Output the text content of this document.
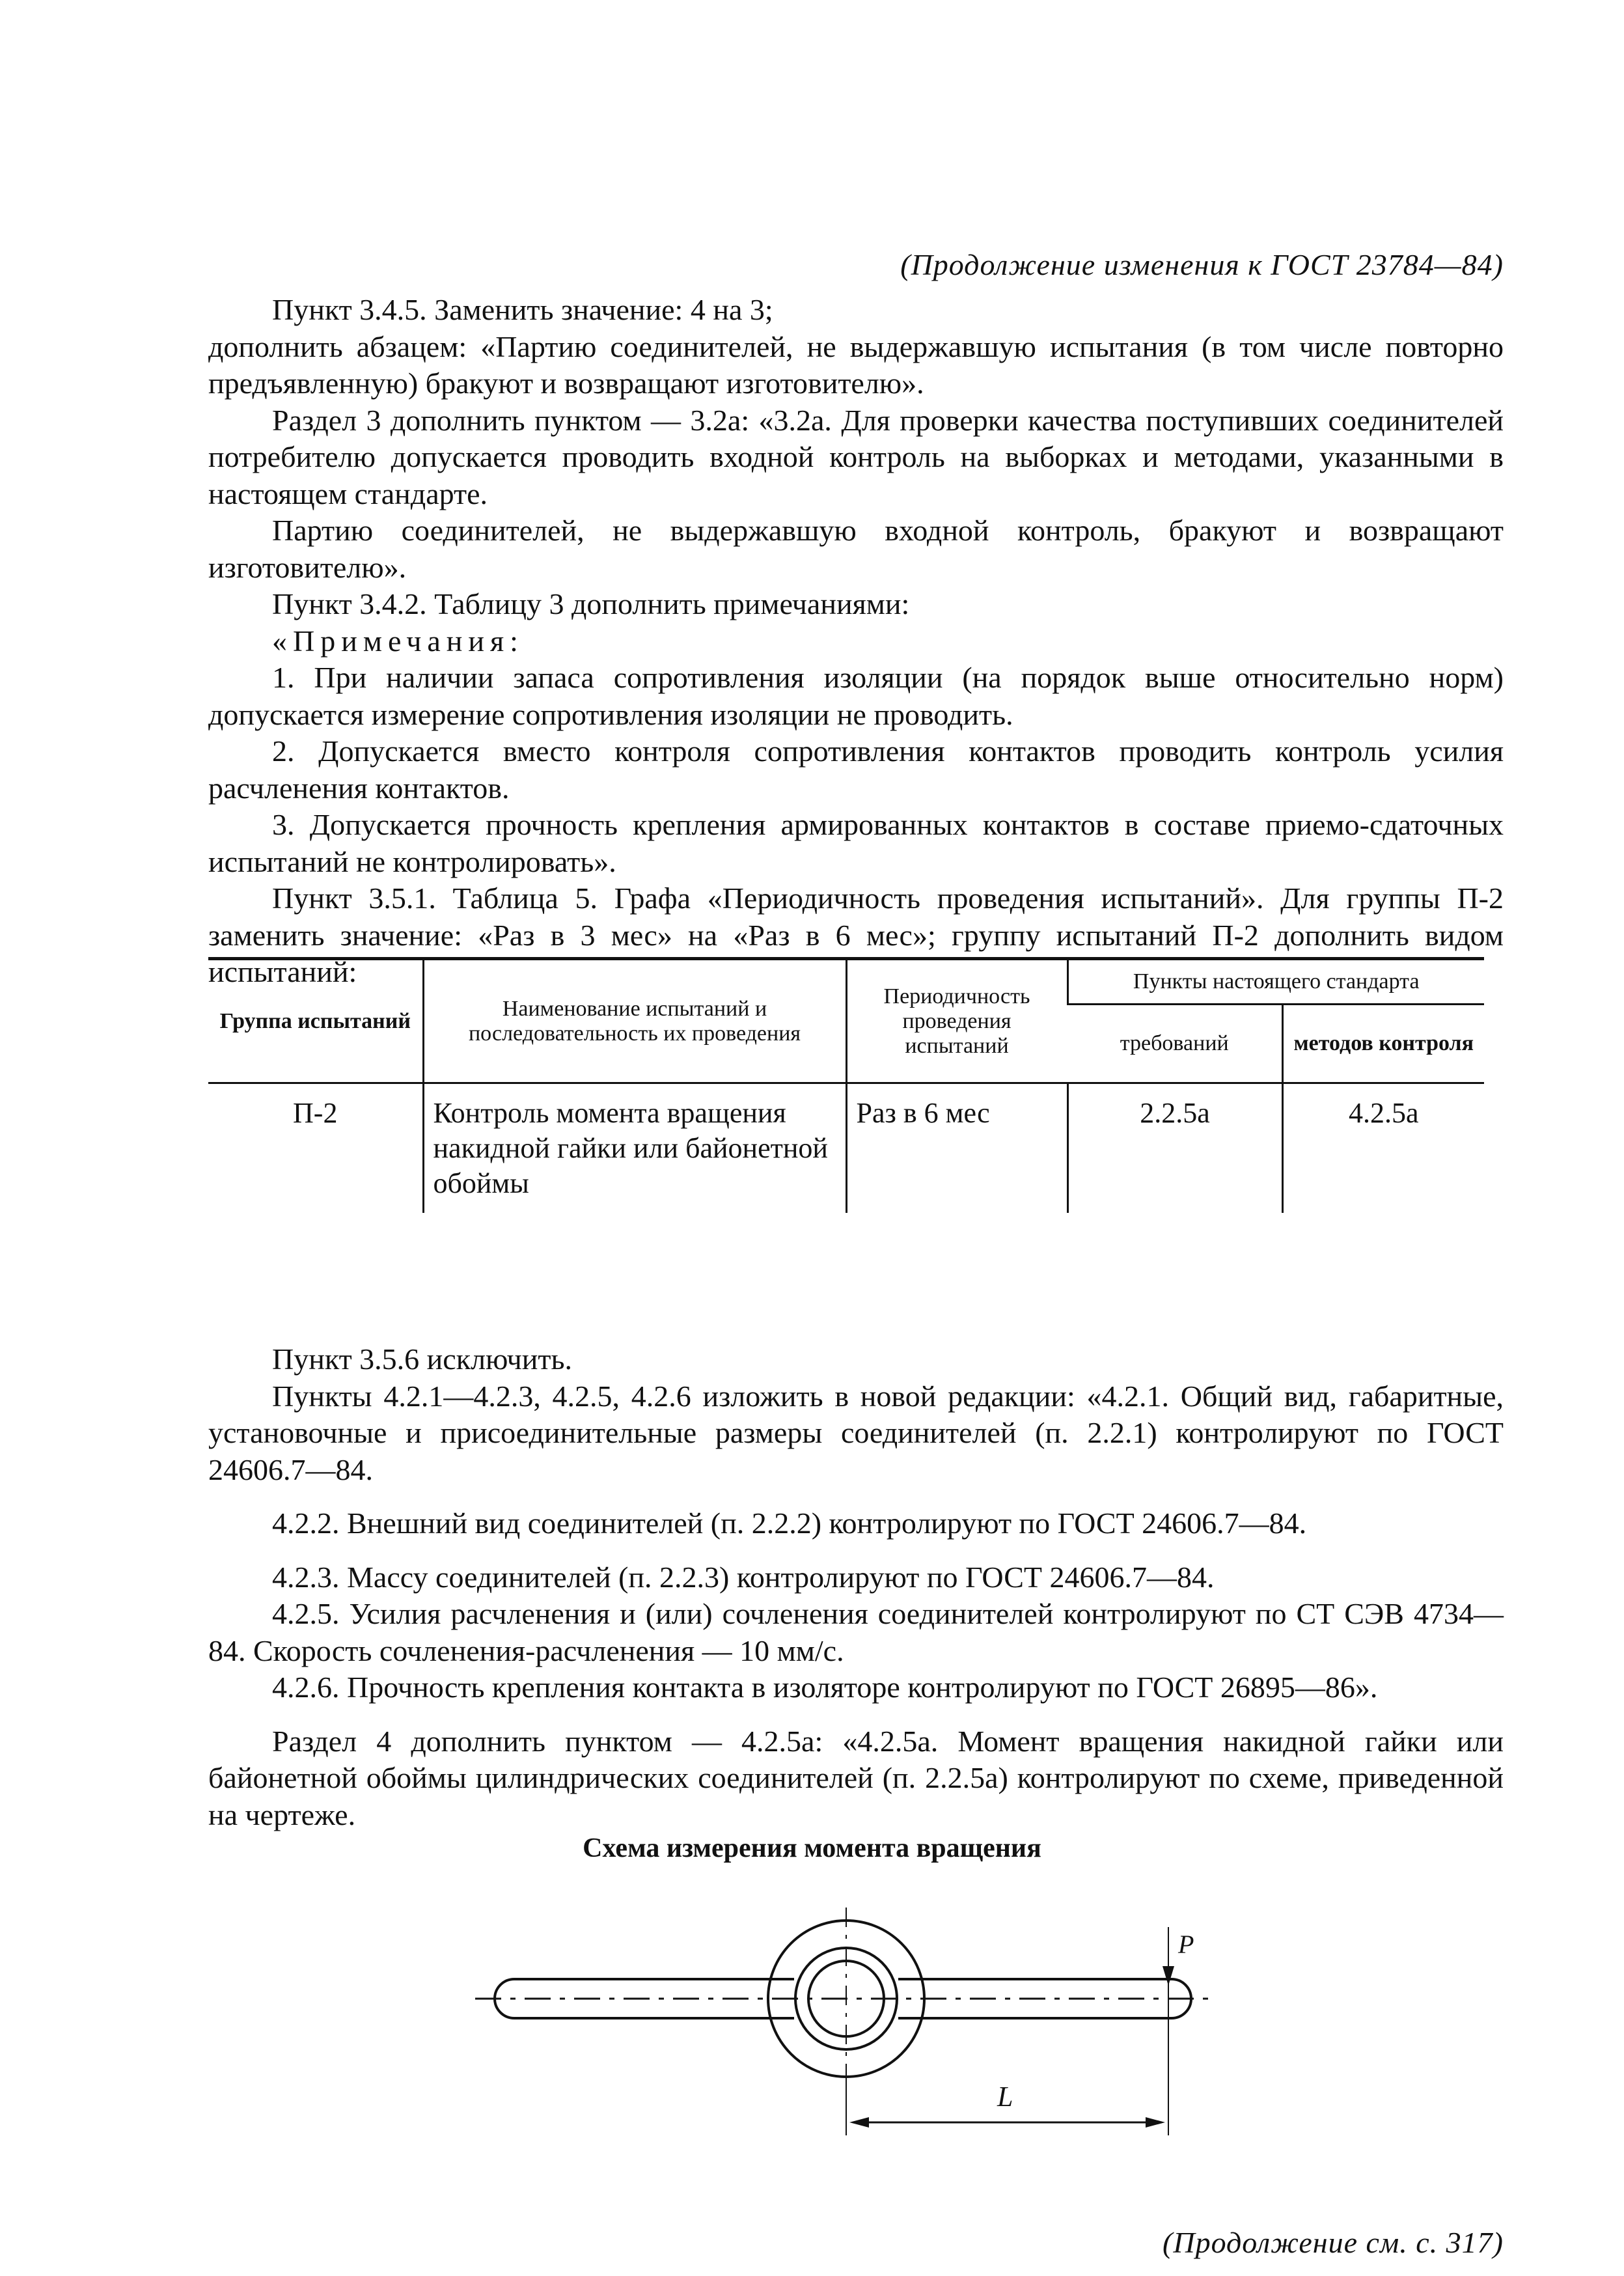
(Продолжение изменения к ГОСТ 23784—84)

Пункт 3.4.5. Заменить значение: 4 на 3;

дополнить абзацем: «Партию соединителей, не выдержавшую испытания (в том числе повторно предъявленную) бракуют и возвращают изготовителю».

Раздел 3 дополнить пунктом — 3.2а: «3.2а. Для проверки качества поступивших соединителей потребителю допускается проводить входной контроль на выборках и методами, указанными в настоящем стандарте.

Партию соединителей, не выдержавшую входной контроль, бракуют и возвращают изготовителю».

Пункт 3.4.2. Таблицу 3 дополнить примечаниями:

«Примечания:

1. При наличии запаса сопротивления изоляции (на порядок выше относительно норм) допускается измерение сопротивления изоляции не проводить.

2. Допускается вместо контроля сопротивления контактов проводить контроль усилия расчленения контактов.

3. Допускается прочность крепления армированных контактов в составе приемо-сдаточных испытаний не контролировать».

Пункт 3.5.1. Таблица 5. Графа «Периодичность проведения испытаний». Для группы П-2 заменить значение: «Раз в 3 мес» на «Раз в 6 мес»; группу испытаний П-2 дополнить видом испытаний:

Группа испытаний	Наименование испытаний и последовательность их проведения	Периодичность проведения испытаний	Пункты настоящего стандарта	
			требований	методов контроля
П-2	Контроль момента вращения накидной гайки или байонетной обоймы	Раз в 6 мес	2.2.5а	4.2.5а

Пункт 3.5.6 исключить.

Пункты 4.2.1—4.2.3, 4.2.5, 4.2.6 изложить в новой редакции: «4.2.1. Общий вид, габаритные, установочные и присоединительные размеры соединителей (п. 2.2.1) контролируют по ГОСТ 24606.7—84.

4.2.2. Внешний вид соединителей (п. 2.2.2) контролируют по ГОСТ 24606.7—84.

4.2.3. Массу соединителей (п. 2.2.3) контролируют по ГОСТ 24606.7—84.

4.2.5. Усилия расчленения и (или) сочленения соединителей контролируют по СТ СЭВ 4734—84. Скорость сочленения-расчленения — 10 мм/с.

4.2.6. Прочность крепления контакта в изоляторе контролируют по ГОСТ 26895—86».

Раздел 4 дополнить пунктом — 4.2.5а: «4.2.5а. Момент вращения накидной гайки или байонетной обоймы цилиндрических соединителей (п. 2.2.5а) контролируют по схеме, приведенной на чертеже.

Схема измерения момента вращения
P
L
(Продолжение см. с. 317)
